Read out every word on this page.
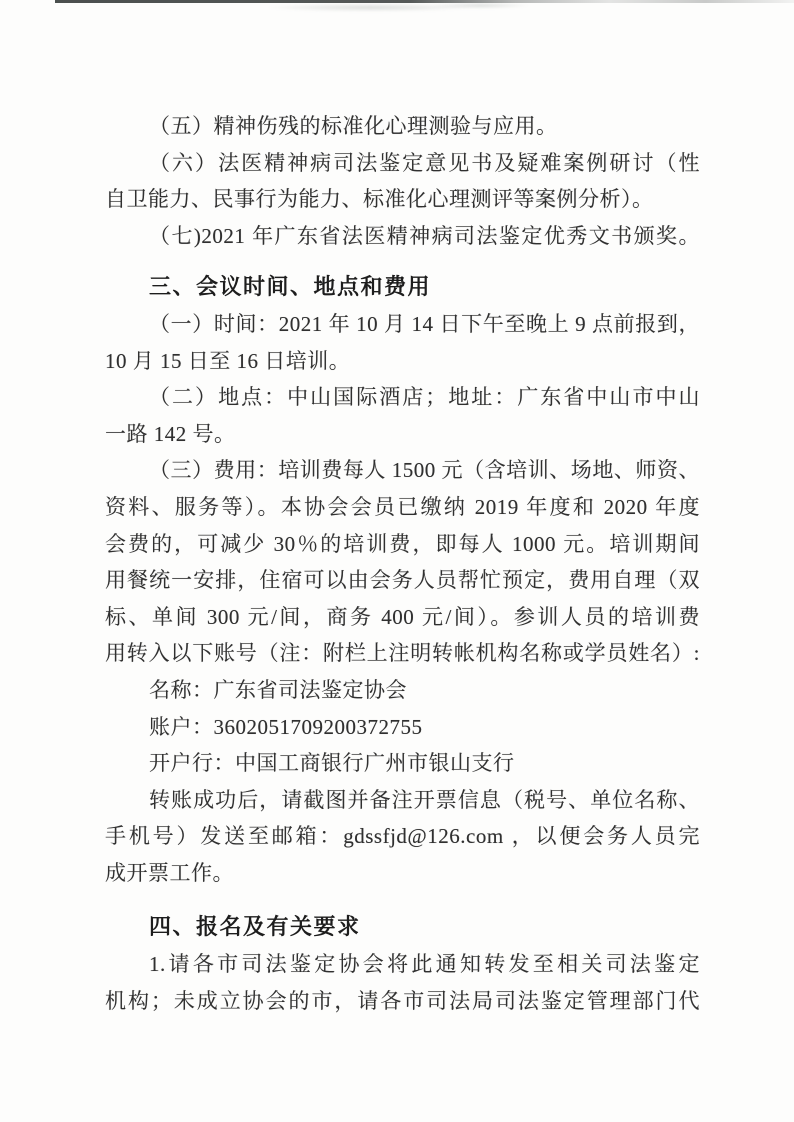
（五）精神伤残的标准化心理测验与应用。
（六）法医精神病司法鉴定意见书及疑难案例研讨（性
自卫能力、民事行为能力、标准化心理测评等案例分析）。
（七)2021 年广东省法医精神病司法鉴定优秀文书颁奖。
三、会议时间、地点和费用
（一）时间：2021 年 10 月 14 日下午至晚上 9 点前报到，
10 月 15 日至 16 日培训。
（二）地点：中山国际酒店；地址：广东省中山市中山
一路 142 号。
（三）费用：培训费每人 1500 元（含培训、场地、师资、
资料、服务等）。本协会会员已缴纳 2019 年度和 2020 年度
会费的，可减少 30％的培训费，即每人 1000 元。培训期间
用餐统一安排，住宿可以由会务人员帮忙预定，费用自理（双
标、单间 300 元/间，商务 400 元/间）。参训人员的培训费
用转入以下账号（注：附栏上注明转帐机构名称或学员姓名）:
名称：广东省司法鉴定协会
账户：3602051709200372755
开户行：中国工商银行广州市银山支行
转账成功后，请截图并备注开票信息（税号、单位名称、
手机号）发送至邮箱：gdssfjd@126.com ，以便会务人员完
成开票工作。
四、报名及有关要求
1.请各市司法鉴定协会将此通知转发至相关司法鉴定
机构；未成立协会的市，请各市司法局司法鉴定管理部门代
